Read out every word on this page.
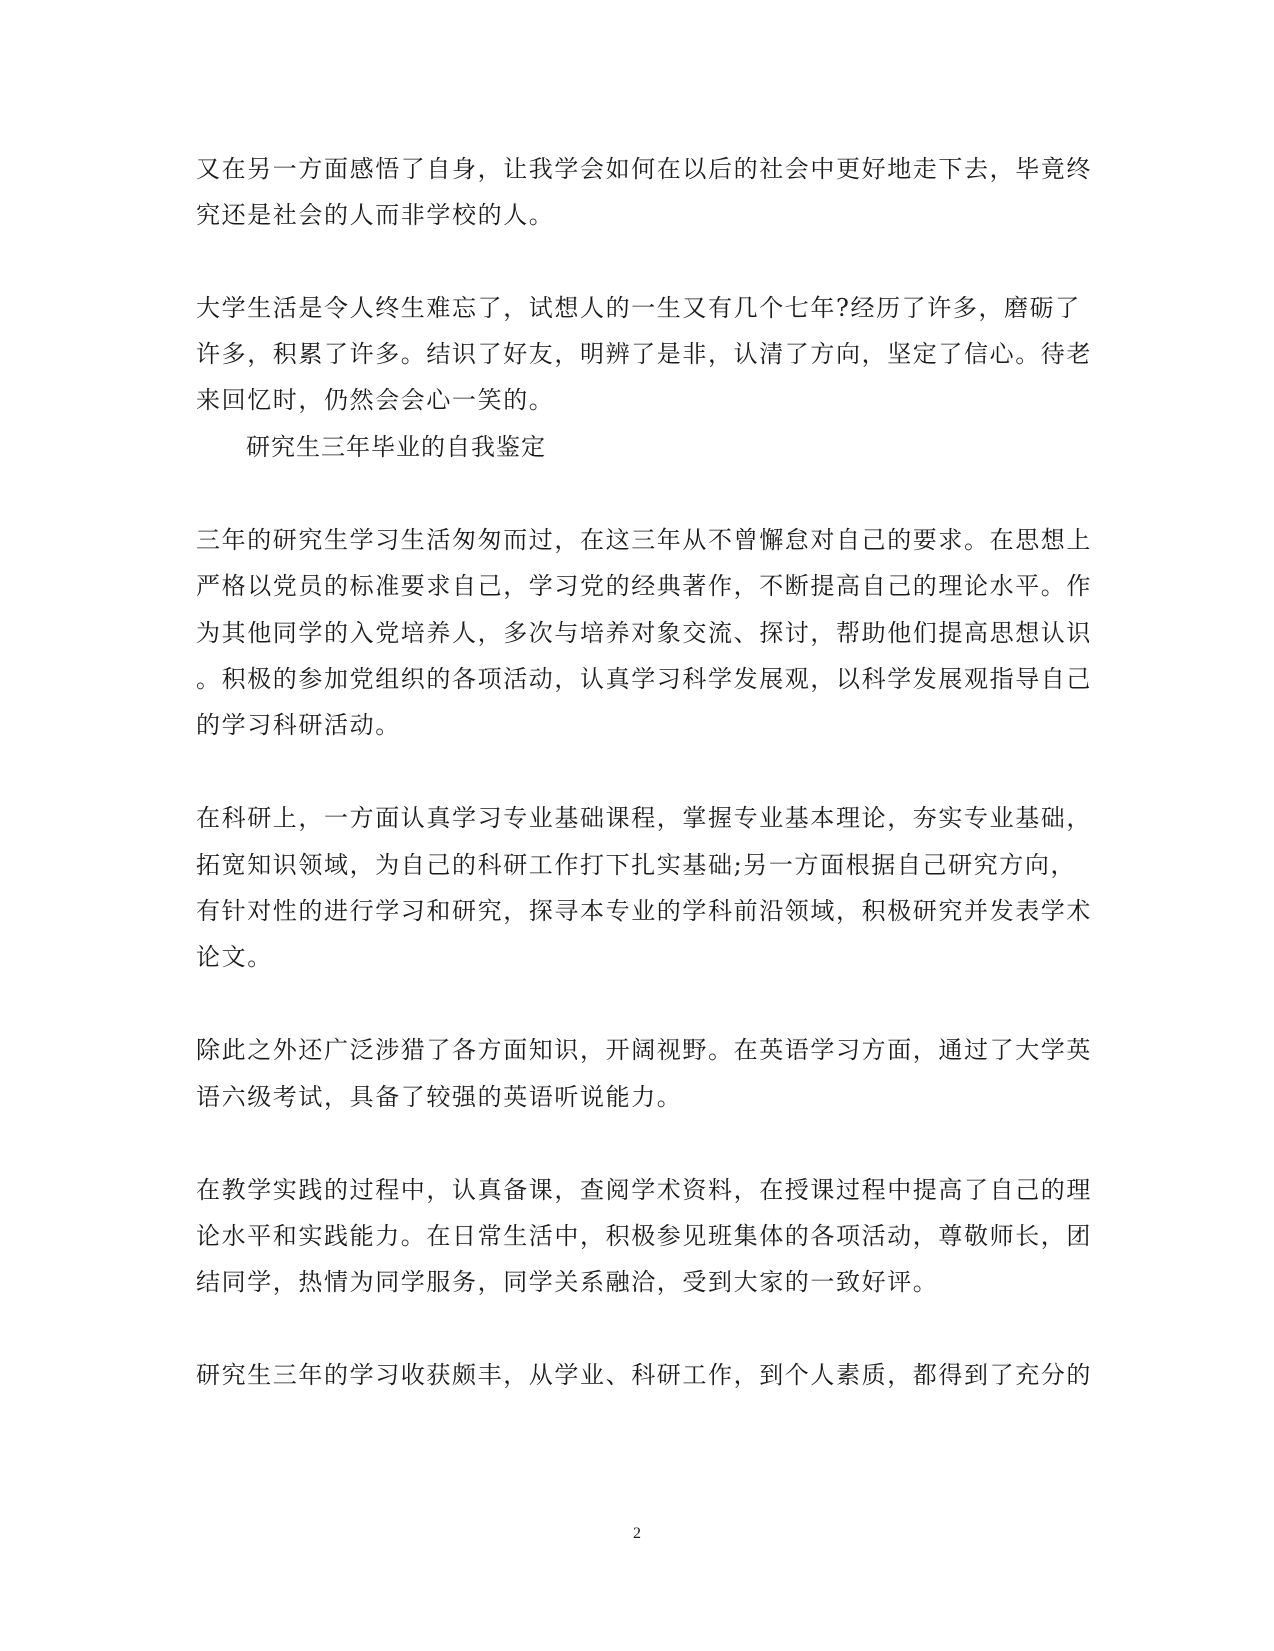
又在另一方面感悟了自身，让我学会如何在以后的社会中更好地走下去，毕竟终
究还是社会的人而非学校的人。
大学生活是令人终生难忘了，试想人的一生又有几个七年?经历了许多，磨砺了
许多，积累了许多。结识了好友，明辨了是非，认清了方向，坚定了信心。待老
来回忆时，仍然会会心一笑的。
研究生三年毕业的自我鉴定
三年的研究生学习生活匆匆而过，在这三年从不曾懈怠对自己的要求。在思想上
严格以党员的标准要求自己，学习党的经典著作，不断提高自己的理论水平。作
为其他同学的入党培养人，多次与培养对象交流、探讨，帮助他们提高思想认识
。积极的参加党组织的各项活动，认真学习科学发展观，以科学发展观指导自己
的学习科研活动。
在科研上，一方面认真学习专业基础课程，掌握专业基本理论，夯实专业基础，
拓宽知识领域，为自己的科研工作打下扎实基础;另一方面根据自己研究方向，
有针对性的进行学习和研究，探寻本专业的学科前沿领域，积极研究并发表学术
论文。
除此之外还广泛涉猎了各方面知识，开阔视野。在英语学习方面，通过了大学英
语六级考试，具备了较强的英语听说能力。
在教学实践的过程中，认真备课，查阅学术资料，在授课过程中提高了自己的理
论水平和实践能力。在日常生活中，积极参见班集体的各项活动，尊敬师长，团
结同学，热情为同学服务，同学关系融洽，受到大家的一致好评。
研究生三年的学习收获颇丰，从学业、科研工作，到个人素质，都得到了充分的
2
